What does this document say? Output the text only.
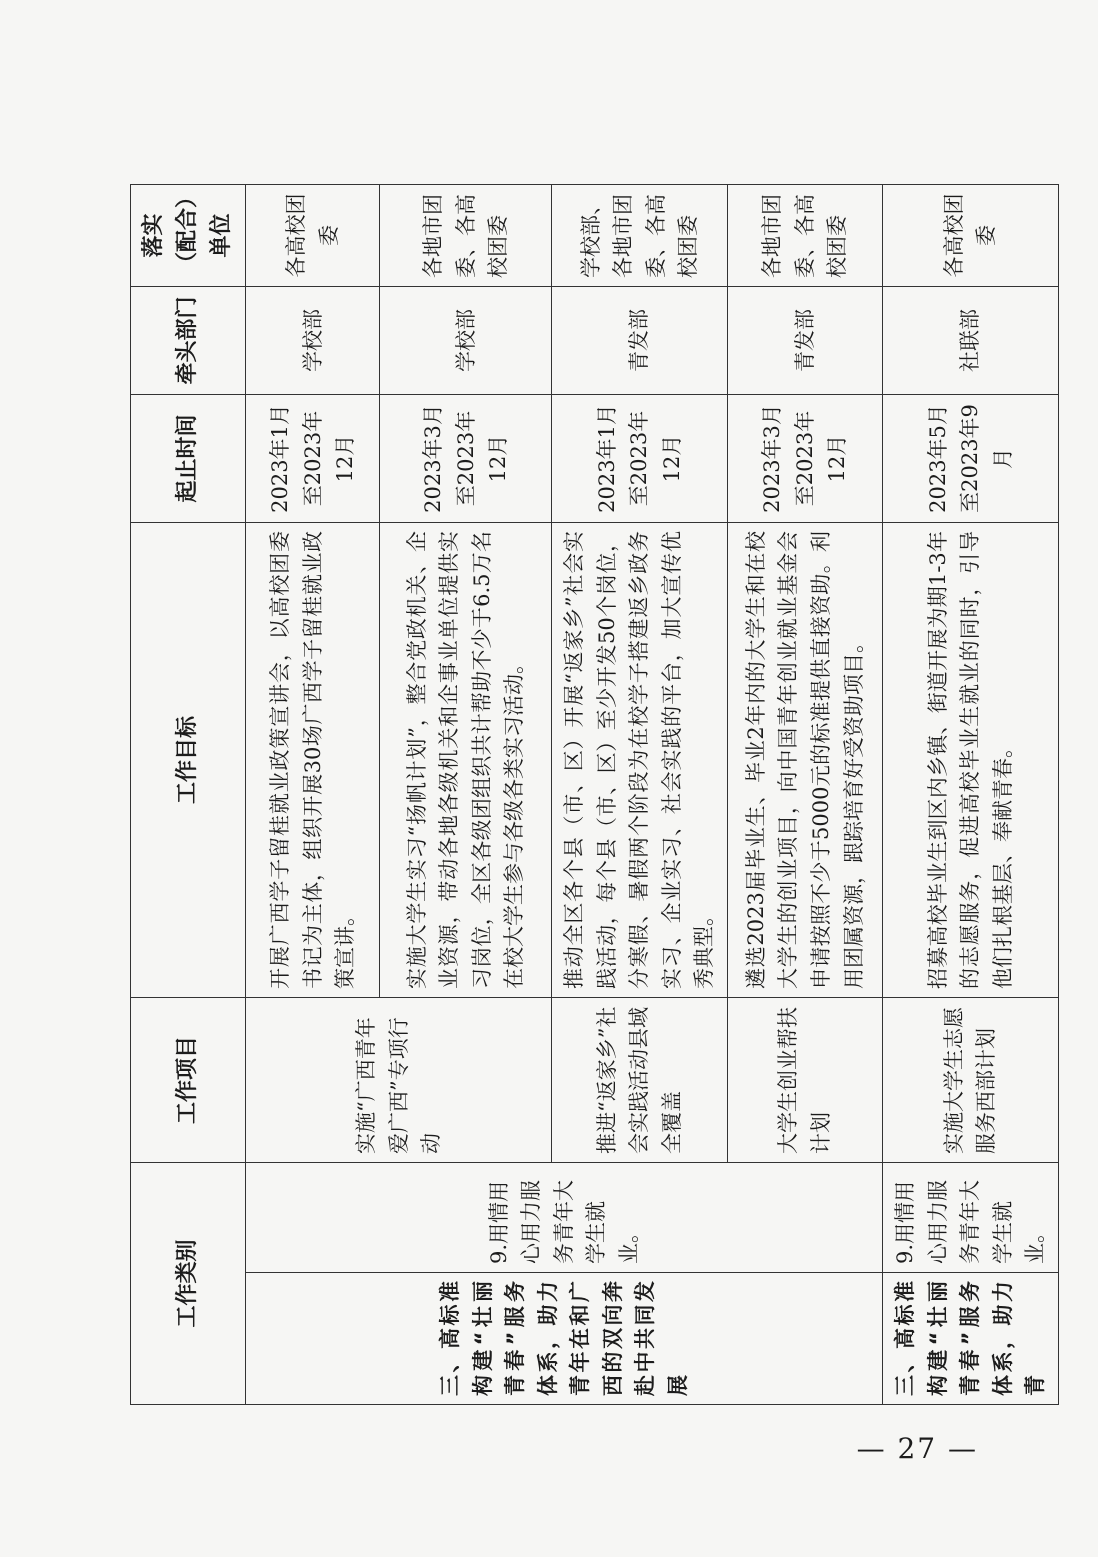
工作类别		工作项目	工作目标	起止时间	牵头部门	落实（配合）单位
三、高标准构建“壮丽青春”服务体系，助力青年在和广西的双向奔赴中共同发展	9.用情用心用力服务青年大学生就业。	实施“广西青年爱广西”专项行动	开展广西学子留桂就业政策宣讲会，以高校团委书记为主体，组织开展30场广西学子留桂就业政策宣讲。	2023年1月至2023年12月	学校部	各高校团委
			实施大学生实习“扬帆计划”，整合党政机关、企业资源，带动各地各级机关和企事业单位提供实习岗位，全区各级团组织共计帮助不少于6.5万名在校大学生参与各级各类实习活动。	2023年3月至2023年12月	学校部	各地市团委、各高校团委
		推进“返家乡”社会实践活动县域全覆盖	推动全区各个县（市、区）开展“返家乡”社会实践活动，每个县（市、区）至少开发50个岗位，分寒假、暑假两个阶段为在校学子搭建返乡政务实习、企业实习、社会实践的平台，加大宣传优秀典型。	2023年1月至2023年12月	青发部	学校部、各地市团委、各高校团委
		大学生创业帮扶计划	遴选2023届毕业生、毕业2年内的大学生和在校大学生的创业项目，向中国青年创业就业基金会申请按照不少于5000元的标准提供直接资助。利用团属资源，跟踪培育好受资助项目。	2023年3月至2023年12月	青发部	各地市团委、各高校团委
三、高标准构建“壮丽青春”服务体系，助力青	9.用情用心用力服务青年大学生就业。	实施大学生志愿服务西部计划	招募高校毕业生到区内乡镇、街道开展为期1-3年的志愿服务，促进高校毕业生就业的同时，引导他们扎根基层、奉献青春。	2023年5月至2023年9月	社联部	各高校团委
— 27 —
